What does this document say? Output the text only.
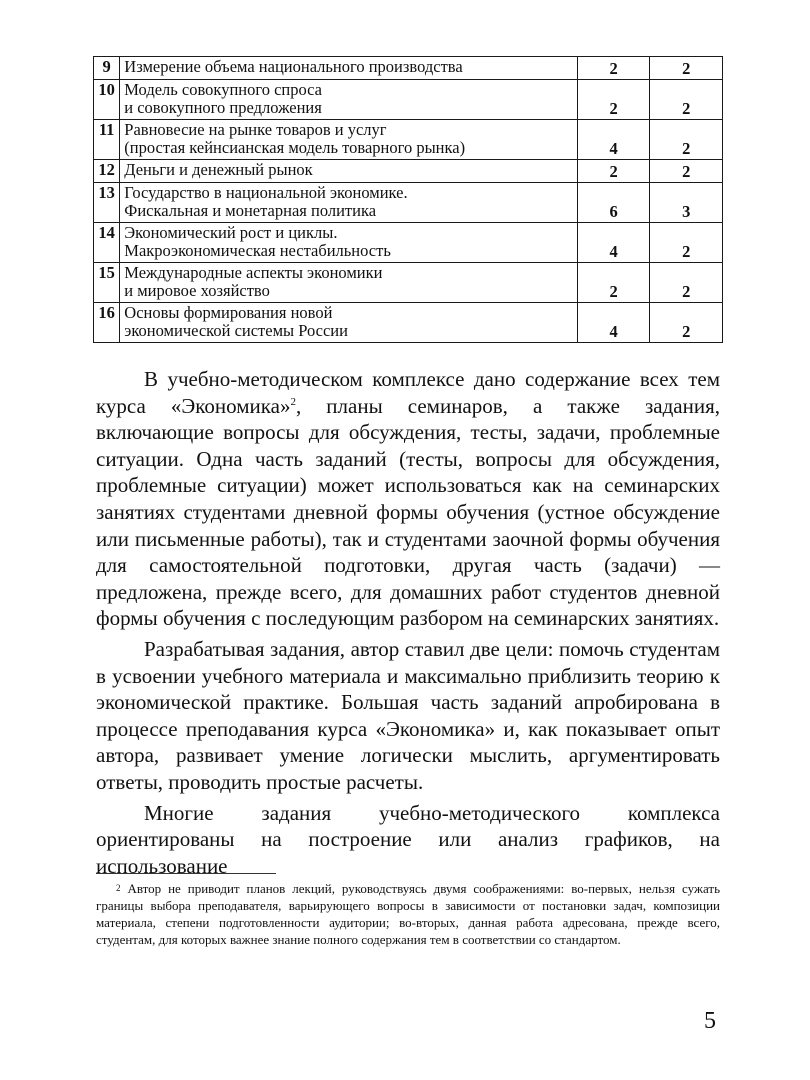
9	Измерение объема национального производства	2	2
10	Модель совокупного спроса
и совокупного предложения	2	2
11	Равновесие на рынке товаров и услуг
(простая кейнсианская модель товарного рынка)	4	2
12	Деньги и денежный рынок	2	2
13	Государство в национальной экономике.
Фискальная и монетарная политика	6	3
14	Экономический рост и циклы.
Макроэкономическая нестабильность	4	2
15	Международные аспекты экономики
и мировое хозяйство	2	2
16	Основы формирования новой
экономической системы России	4	2

В учебно-методическом комплексе дано содержание всех тем курса «Экономика»$^2$, планы семинаров, а также задания, включающие вопросы для обсуждения, тесты, задачи, проблемные ситуации. Одна часть заданий (тесты, вопросы для обсуждения, проблемные ситуации) может использоваться как на семинарских занятиях студентами дневной формы обучения (устное обсуждение или письменные работы), так и студентами заочной формы обучения для самостоятельной подготовки, другая часть (задачи) — предложена, прежде всего, для домашних работ студентов дневной формы обучения с последующим разбором на семинарских занятиях.

Разрабатывая задания, автор ставил две цели: помочь студентам в усвоении учебного материала и максимально приблизить теорию к экономической практике. Большая часть заданий апробирована в процессе преподавания курса «Экономика» и, как показывает опыт автора, развивает умение логически мыслить, аргументировать ответы, проводить простые расчеты.

Многие задания учебно-методического комплекса ориентированы на построение или анализ графиков, на использование

$^2$ Автор не приводит планов лекций, руководствуясь двумя соображениями: во-первых, нельзя сужать границы выбора преподавателя, варьирующего вопросы в зависимости от постановки задач, композиции материала, степени подготовленности аудитории; во-вторых, данная работа адресована, прежде всего, студентам, для которых важнее знание полного содержания тем в соответствии со стандартом.

5
